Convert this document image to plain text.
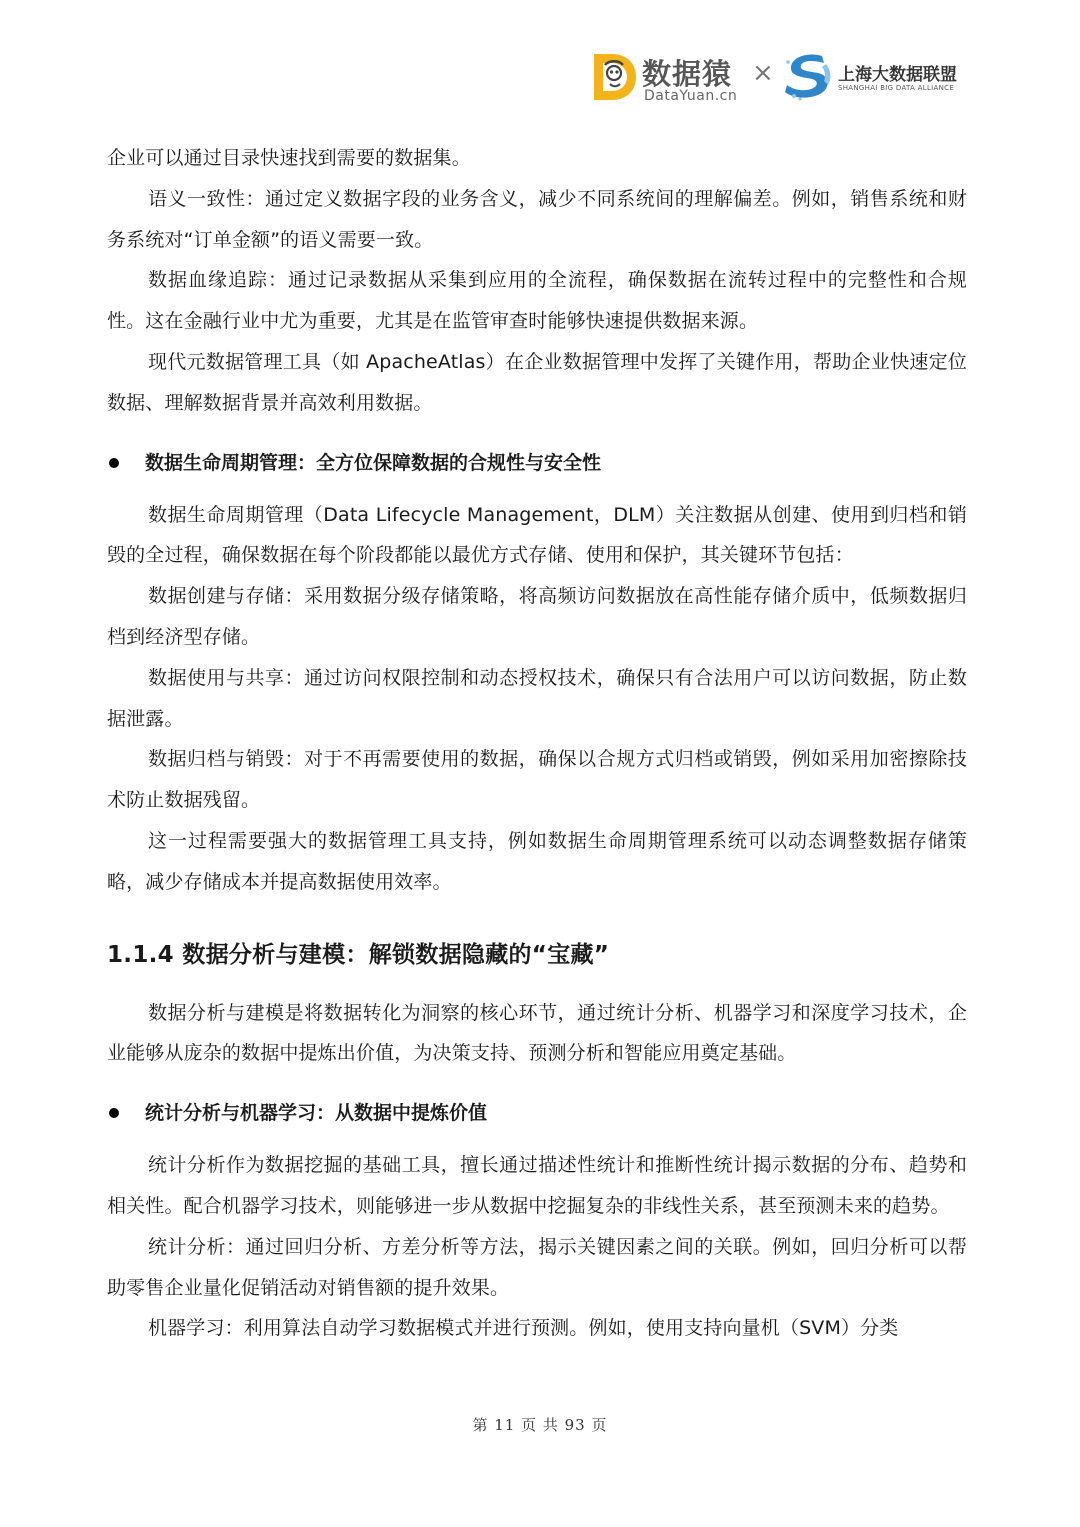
数据猿
DataYuan.cn
×	上海大数据联盟
SHANGHAI BIG DATA ALLIANCE

企业可以通过目录快速找到需要的数据集。

语义一致性：通过定义数据字段的业务含义，减少不同系统间的理解偏差。例如，销售系统和财务系统对“订单金额”的语义需要一致。

数据血缘追踪：通过记录数据从采集到应用的全流程，确保数据在流转过程中的完整性和合规性。这在金融行业中尤为重要，尤其是在监管审查时能够快速提供数据来源。

现代元数据管理工具（如 ApacheAtlas）在企业数据管理中发挥了关键作用，帮助企业快速定位数据、理解数据背景并高效利用数据。

数据生命周期管理：全方位保障数据的合规性与安全性

数据生命周期管理（Data Lifecycle Management，DLM）关注数据从创建、使用到归档和销毁的全过程，确保数据在每个阶段都能以最优方式存储、使用和保护，其关键环节包括：

数据创建与存储：采用数据分级存储策略，将高频访问数据放在高性能存储介质中，低频数据归档到经济型存储。

数据使用与共享：通过访问权限控制和动态授权技术，确保只有合法用户可以访问数据，防止数据泄露。

数据归档与销毁：对于不再需要使用的数据，确保以合规方式归档或销毁，例如采用加密擦除技术防止数据残留。

这一过程需要强大的数据管理工具支持，例如数据生命周期管理系统可以动态调整数据存储策略，减少存储成本并提高数据使用效率。

1.1.4 数据分析与建模：解锁数据隐藏的“宝藏”

数据分析与建模是将数据转化为洞察的核心环节，通过统计分析、机器学习和深度学习技术，企业能够从庞杂的数据中提炼出价值，为决策支持、预测分析和智能应用奠定基础。

统计分析与机器学习：从数据中提炼价值

统计分析作为数据挖掘的基础工具，擅长通过描述性统计和推断性统计揭示数据的分布、趋势和相关性。配合机器学习技术，则能够进一步从数据中挖掘复杂的非线性关系，甚至预测未来的趋势。

统计分析：通过回归分析、方差分析等方法，揭示关键因素之间的关联。例如，回归分析可以帮助零售企业量化促销活动对销售额的提升效果。

机器学习：利用算法自动学习数据模式并进行预测。例如，使用支持向量机（SVM）分类

第 11 页 共 93 页
